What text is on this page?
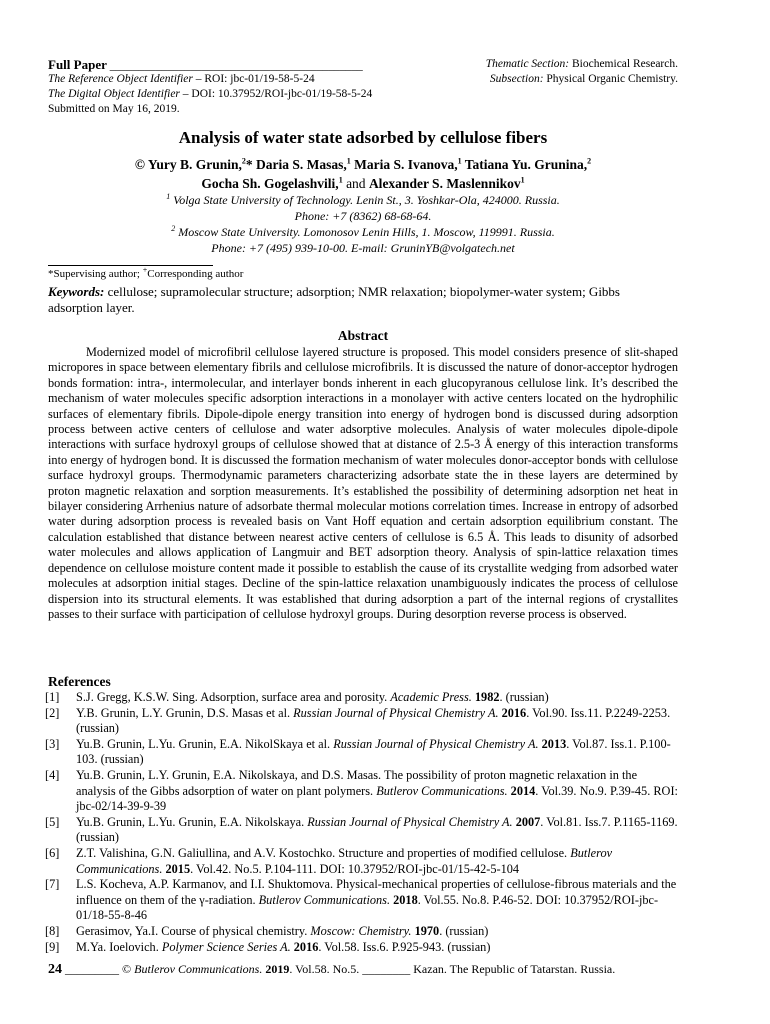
Full Paper ____________________________________________	Thematic Section: Biochemical Research.
The Reference Object Identifier – ROI: jbc-01/19-58-5-24	Subsection: Physical Organic Chemistry.
The Digital Object Identifier – DOI: 10.37952/ROI-jbc-01/19-58-5-24
Submitted on May 16, 2019.
Analysis of water state adsorbed by cellulose fibers
© Yury B. Grunin,$^2$* Daria S. Masas,$^1$ Maria S. Ivanova,$^1$ Tatiana Yu. Grunina,$^2$
Gocha Sh. Gogelashvili,$^1$ and Alexander S. Maslennikov$^1$
$^1$ Volga State University of Technology. Lenin St., 3. Yoshkar-Ola, 424000. Russia.
Phone: +7 (8362) 68-68-64.
$^2$ Moscow State University. Lomonosov Lenin Hills, 1. Moscow, 119991. Russia.
Phone: +7 (495) 939-10-00. E-mail: GruninYB@volgatech.net
*Supervising author; +Corresponding author
Keywords: cellulose; supramolecular structure; adsorption; NMR relaxation; biopolymer-water system; Gibbs adsorption layer.
Abstract
Modernized model of microfibril cellulose layered structure is proposed. This model considers presence of slit-shaped micropores in space between elementary fibrils and cellulose microfibrils. It is discussed the nature of donor-acceptor hydrogen bonds formation: intra-, intermolecular, and interlayer bonds inherent in each glucopyranous cellulose link. It’s described the mechanism of water molecules specific adsorption interactions in a monolayer with active centers located on the hydrophilic surfaces of elementary fibrils. Dipole-dipole energy transition into energy of hydrogen bond is discussed during adsorption process between active centers of cellulose and water adsorptive molecules. Analysis of water molecules dipole-dipole interactions with surface hydroxyl groups of cellulose showed that at distance of 2.5-3 Å energy of this interaction transforms into energy of hydrogen bond. It is discussed the formation mechanism of water molecules donor-acceptor bonds with cellulose surface hydroxyl groups. Thermodynamic parameters characterizing adsorbate state the in these layers are determined by proton magnetic relaxation and sorption measurements. It’s established the possibility of determining adsorption net heat in bilayer considering Arrhenius nature of adsorbate thermal molecular motions correlation times. Increase in entropy of adsorbed water during adsorption process is revealed basis on Vant Hoff equation and certain adsorption equilibrium constant. The calculation established that distance between nearest active centers of cellulose is 6.5 Å. This leads to disunity of adsorbed water molecules and allows application of Langmuir and BET adsorption theory. Analysis of spin-lattice relaxation times dependence on cellulose moisture content made it possible to establish the cause of its crystallite wedging from adsorbed water molecules at adsorption initial stages. Decline of the spin-lattice relaxation unambiguously indicates the process of cellulose dispersion into its structural elements. It was established that during adsorption a part of the internal regions of crystallites passes to their surface with participation of cellulose hydroxyl groups. During desorption reverse process is observed.
References
[1] S.J. Gregg, K.S.W. Sing. Adsorption, surface area and porosity. Academic Press. 1982. (russian)
[2] Y.B. Grunin, L.Y. Grunin, D.S. Masas et al. Russian Journal of Physical Chemistry A. 2016. Vol.90. Iss.11. P.2249-2253. (russian)
[3] Yu.B. Grunin, L.Yu. Grunin, E.A. NikolSkaya et al. Russian Journal of Physical Chemistry A. 2013. Vol.87. Iss.1. P.100-103. (russian)
[4] Yu.B. Grunin, L.Y. Grunin, E.A. Nikolskaya, and D.S. Masas. The possibility of proton magnetic relaxation in the analysis of the Gibbs adsorption of water on plant polymers. Butlerov Communications. 2014. Vol.39. No.9. P.39-45. ROI: jbc-02/14-39-9-39
[5] Yu.B. Grunin, L.Yu. Grunin, E.A. Nikolskaya. Russian Journal of Physical Chemistry A. 2007. Vol.81. Iss.7. P.1165-1169. (russian)
[6] Z.T. Valishina, G.N. Galiullina, and A.V. Kostochko. Structure and properties of modified cellulose. Butlerov Communications. 2015. Vol.42. No.5. P.104-111. DOI: 10.37952/ROI-jbc-01/15-42-5-104
[7] L.S. Kocheva, A.P. Karmanov, and I.I. Shuktomova. Physical-mechanical properties of cellulose-fibrous materials and the influence on them of the γ-radiation. Butlerov Communications. 2018. Vol.55. No.8. P.46-52. DOI: 10.37952/ROI-jbc-01/18-55-8-46
[8] Gerasimov, Ya.I. Course of physical chemistry. Moscow: Chemistry. 1970. (russian)
[9] M.Ya. Ioelovich. Polymer Science Series A. 2016. Vol.58. Iss.6. P.925-943. (russian)
24 _________ © Butlerov Communications. 2019. Vol.58. No.5. ________ Kazan. The Republic of Tatarstan. Russia.
